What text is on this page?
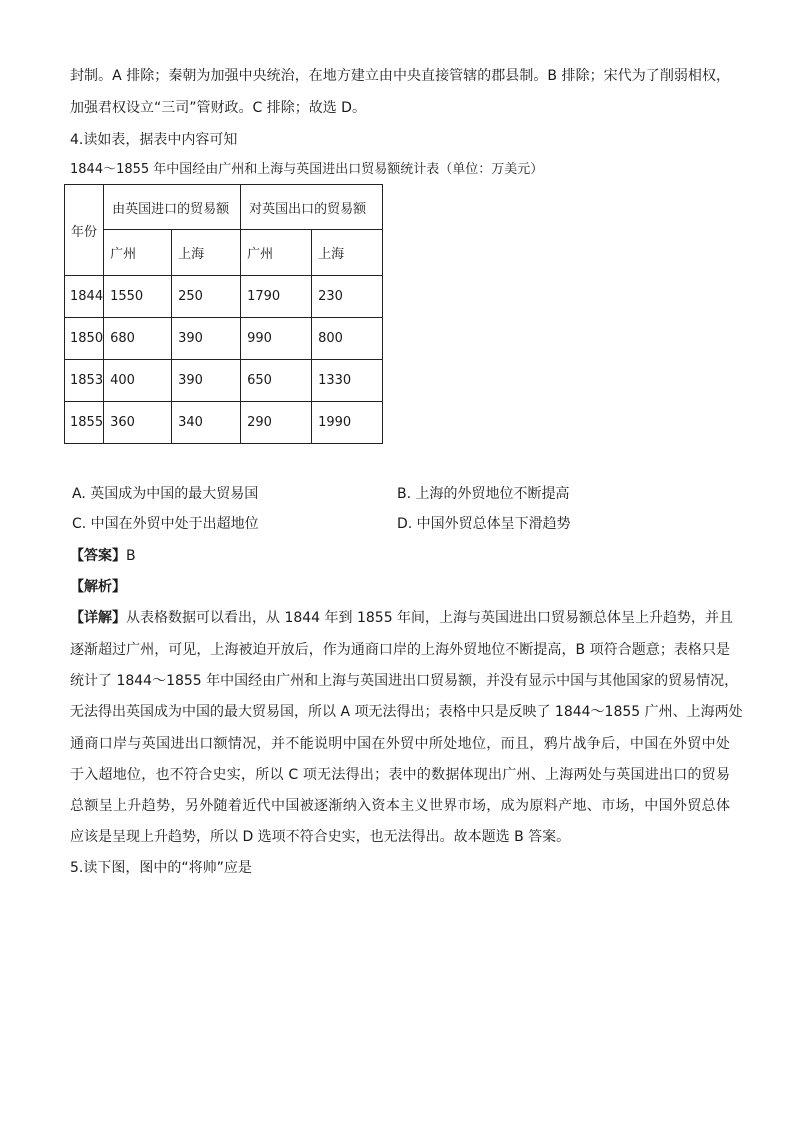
封制。A 排除；秦朝为加强中央统治，在地方建立由中央直接管辖的郡县制。B 排除；宋代为了削弱相权，
加强君权设立“三司”管财政。C 排除；故选 D。
4.读如表，据表中内容可知
1844～1855 年中国经由广州和上海与英国进出口贸易额统计表（单位：万美元）
年份	由英国进口的贸易额		对英国出口的贸易额	
	广州	上海	广州	上海
1844	1550	250	1790	230
1850	680	390	990	800
1853	400	390	650	1330
1855	360	340	290	1990
A. 英国成为中国的最大贸易国	B. 上海的外贸地位不断提高
C. 中国在外贸中处于出超地位	D. 中国外贸总体呈下滑趋势
【答案】B
【解析】
【详解】从表格数据可以看出，从 1844 年到 1855 年间，上海与英国进出口贸易额总体呈上升趋势，并且
逐渐超过广州，可见，上海被迫开放后，作为通商口岸的上海外贸地位不断提高，B 项符合题意；表格只是
统计了 1844～1855 年中国经由广州和上海与英国进出口贸易额，并没有显示中国与其他国家的贸易情况，
无法得出英国成为中国的最大贸易国，所以 A 项无法得出；表格中只是反映了 1844～1855 广州、上海两处
通商口岸与英国进出口额情况，并不能说明中国在外贸中所处地位，而且，鸦片战争后，中国在外贸中处
于入超地位，也不符合史实，所以 C 项无法得出；表中的数据体现出广州、上海两处与英国进出口的贸易
总额呈上升趋势，另外随着近代中国被逐渐纳入资本主义世界市场，成为原料产地、市场，中国外贸总体
应该是呈现上升趋势，所以 D 选项不符合史实，也无法得出。故本题选 B 答案。
5.读下图，图中的“将帅”应是
